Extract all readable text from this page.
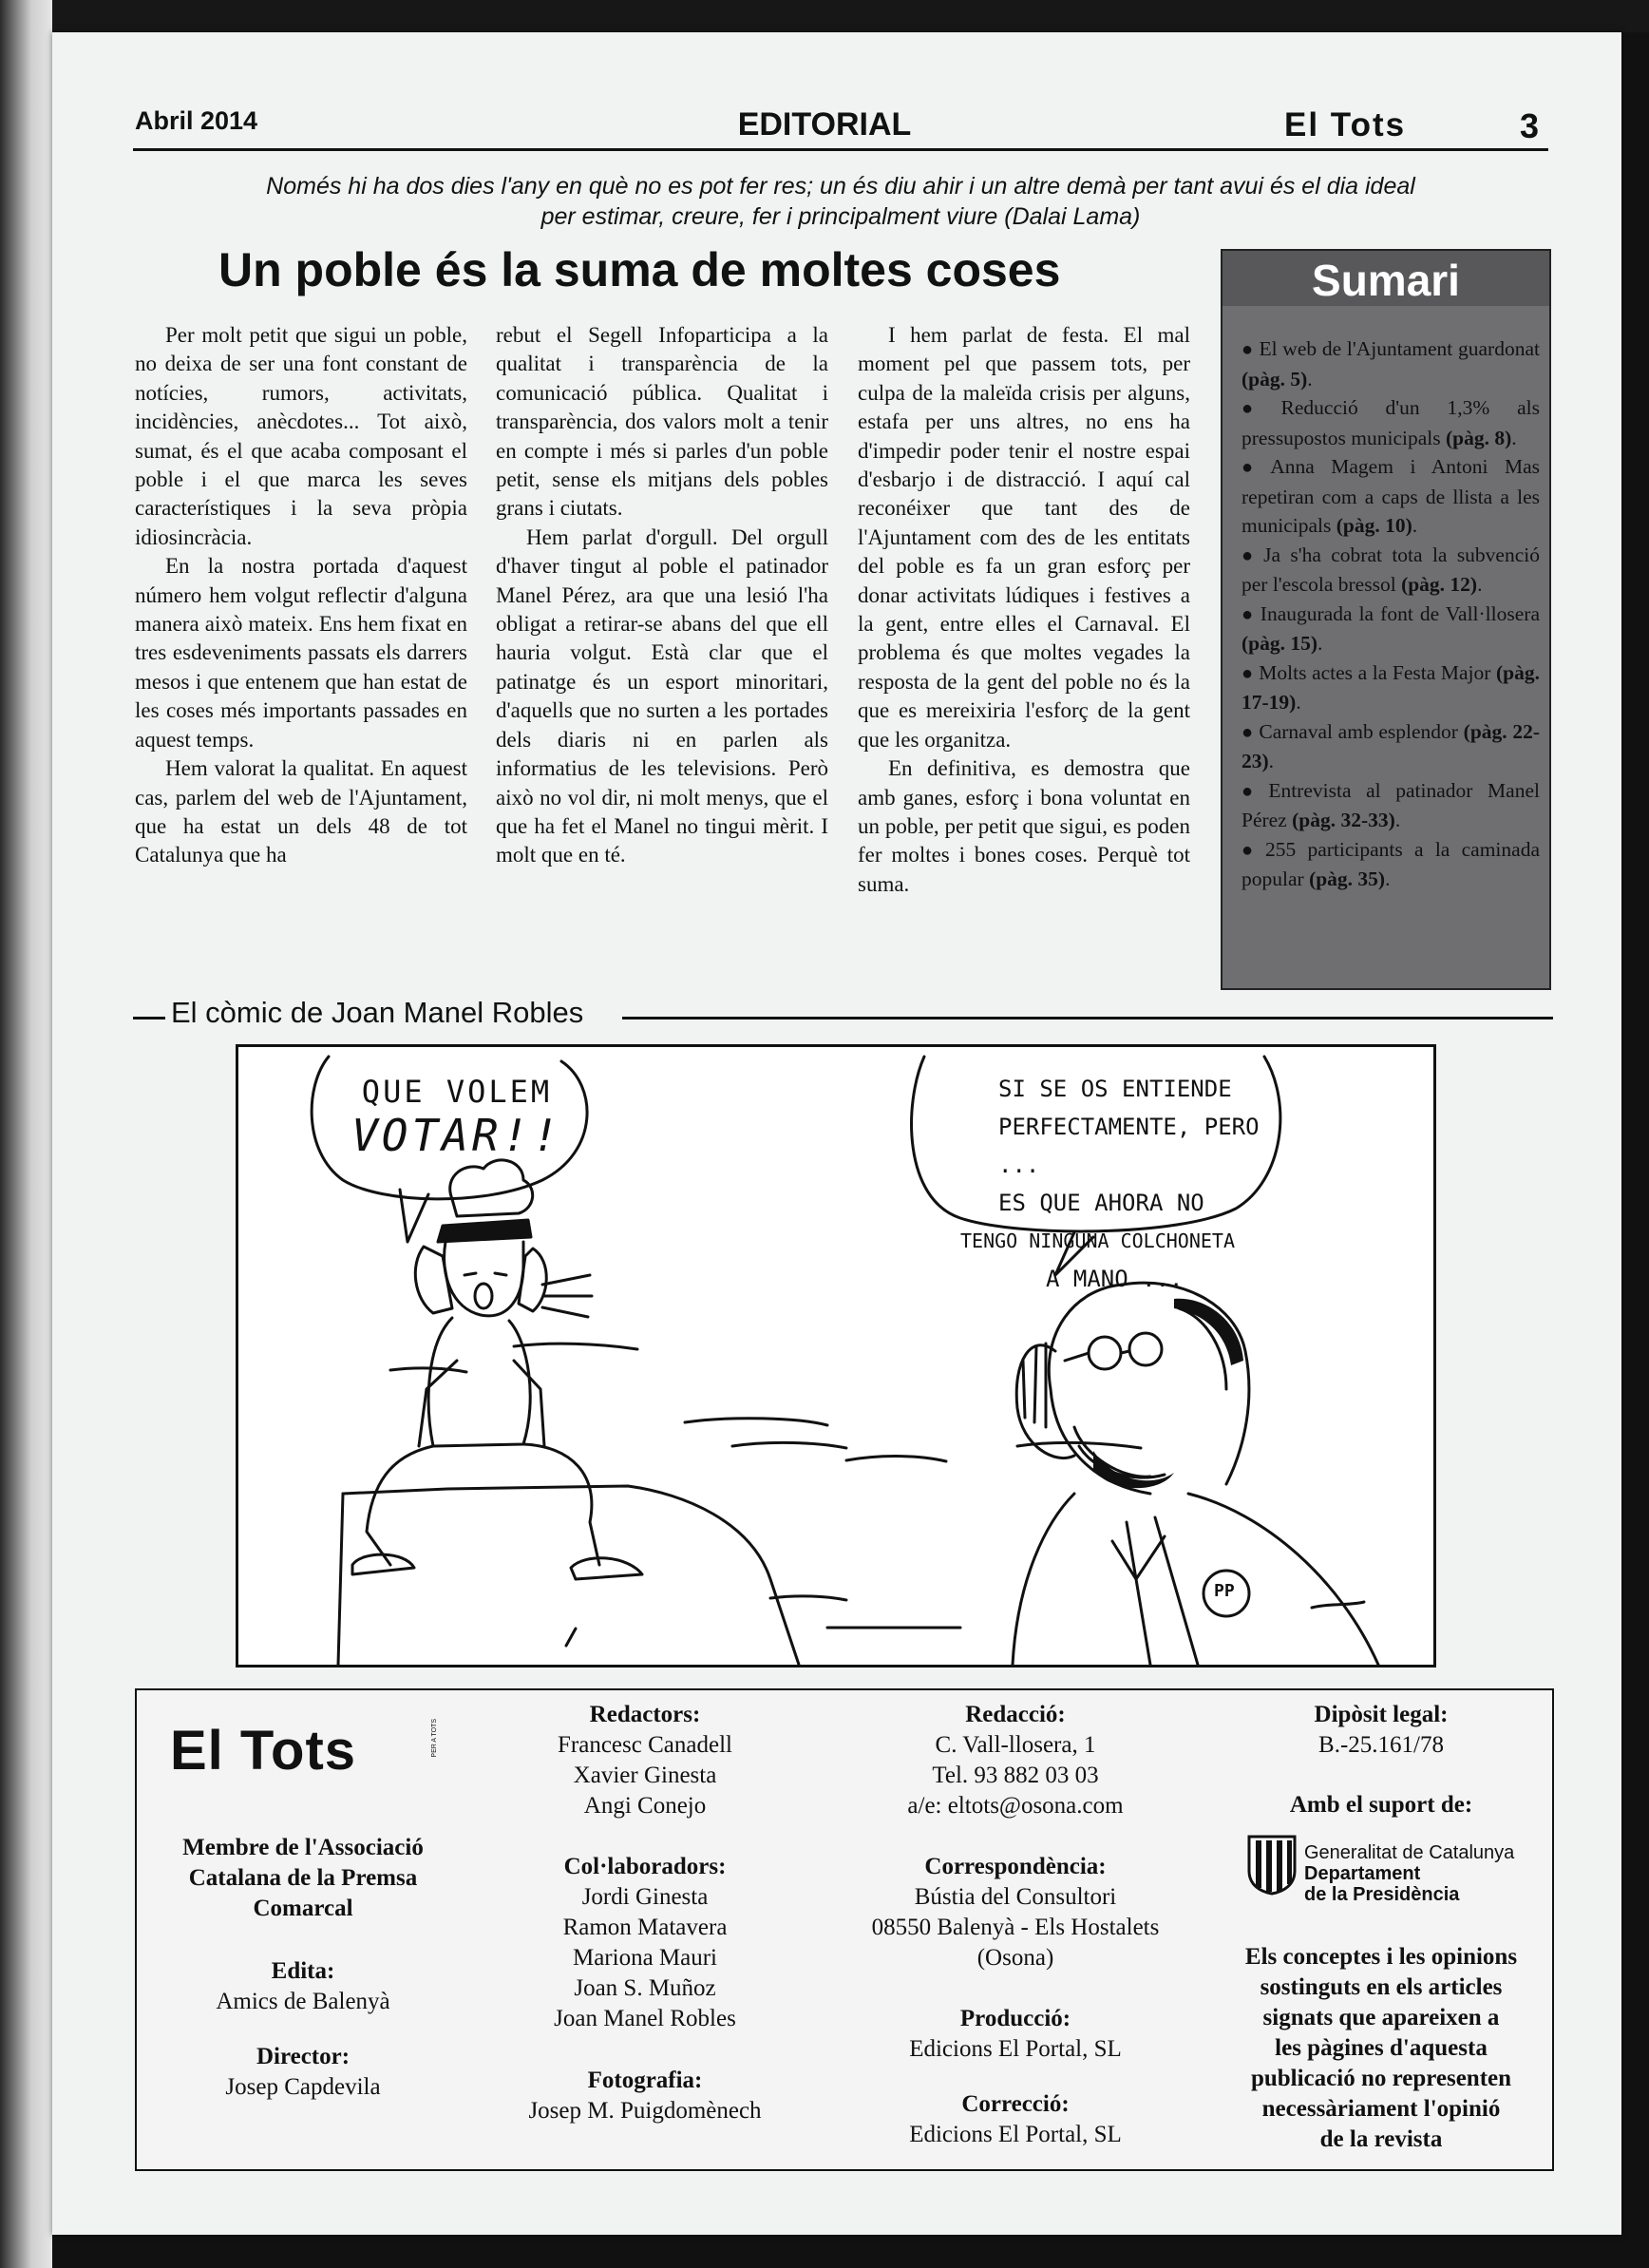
Abril 2014	EDITORIAL	El Tots	3
Només hi ha dos dies l'any en què no es pot fer res; un és diu ahir i un altre demà per tant avui és el dia ideal
per estimar, creure, fer i principalment viure (Dalai Lama)
Un poble és la suma de moltes coses

Per molt petit que sigui un poble, no deixa de ser una font constant de notícies, rumors, activitats, incidències, anècdotes... Tot això, sumat, és el que acaba composant el poble i el que marca les seves característiques i la seva pròpia idiosincràcia.

En la nostra portada d'aquest número hem volgut reflectir d'alguna manera això mateix. Ens hem fixat en tres esdeveniments passats els darrers mesos i que entenem que han estat de les coses més importants passades en aquest temps.

Hem valorat la qualitat. En aquest cas, parlem del web de l'Ajuntament, que ha estat un dels 48 de tot Catalunya que ha

rebut el Segell Infoparticipa a la qualitat i transparència de la comunicació pública. Qualitat i transparència, dos valors molt a tenir en compte i més si parles d'un poble petit, sense els mitjans dels pobles grans i ciutats.

Hem parlat d'orgull. Del orgull d'haver tingut al poble el patinador Manel Pérez, ara que una lesió l'ha obligat a retirar-se abans del que ell hauria volgut. Està clar que el patinatge és un esport minoritari, d'aquells que no surten a les portades dels diaris ni en parlen als informatius de les televisions. Però això no vol dir, ni molt menys, que el que ha fet el Manel no tingui mèrit. I molt que en té.

I hem parlat de festa. El mal moment pel que passem tots, per culpa de la maleïda crisis per alguns, estafa per uns altres, no ens ha d'impedir poder tenir el nostre espai d'esbarjo i de distracció. I aquí cal reconéixer que tant des de l'Ajuntament com des de les entitats del poble es fa un gran esforç per donar activitats lúdiques i festives a la gent, entre elles el Carnaval. El problema és que moltes vegades la resposta de la gent del poble no és la que es mereixiria l'esforç de la gent que les organitza.

En definitiva, es demostra que amb ganes, esforç i bona voluntat en un poble, per petit que sigui, es poden fer moltes i bones coses. Perquè tot suma.

Sumari
● El web de l'Ajuntament guardonat (pàg. 5).
● Reducció d'un 1,3% als pressupostos municipals (pàg. 8).
● Anna Magem i Antoni Mas repetiran com a caps de llista a les municipals (pàg. 10).
● Ja s'ha cobrat tota la subvenció per l'escola bressol (pàg. 12).
● Inaugurada la font de Vall·llosera (pàg. 15).
● Molts actes a la Festa Major (pàg. 17-19).
● Carnaval amb esplendor (pàg. 22-23).
● Entrevista al patinador Manel Pérez (pàg. 32-33).
● 255 participants a la caminada popular (pàg. 35).
El còmic de Joan Manel Robles
QUE VOLEM
VOTAR!!
SI SE OS ENTIENDE
PERFECTAMENTE, PERO ...
ES QUE AHORA NO
TENGO NINGUNA COLCHONETA
A MANO ...
PP
El Tots	PER A TOTS
Membre de l'Associació
Catalana de la Premsa
Comarcal
Edita:
Amics de Balenyà
Director:
Josep Capdevila
Redactors:
Francesc Canadell
Xavier Ginesta
Angi Conejo
Col·laboradors:
Jordi Ginesta
Ramon Matavera
Mariona Mauri
Joan S. Muñoz
Joan Manel Robles
Fotografia:
Josep M. Puigdomènech
Redacció:
C. Vall-llosera, 1
Tel. 93 882 03 03
a/e: eltots@osona.com
Correspondència:
Bústia del Consultori
08550 Balenyà - Els Hostalets
(Osona)
Producció:
Edicions El Portal, SL
Correcció:
Edicions El Portal, SL
Dipòsit legal:
B.-25.161/78
Amb el suport de:
Generalitat de Catalunya
Departament
de la Presidència
Els conceptes i les opinions
sostinguts en els articles
signats que apareixen a
les pàgines d'aquesta
publicació no representen
necessàriament l'opinió
de la revista
